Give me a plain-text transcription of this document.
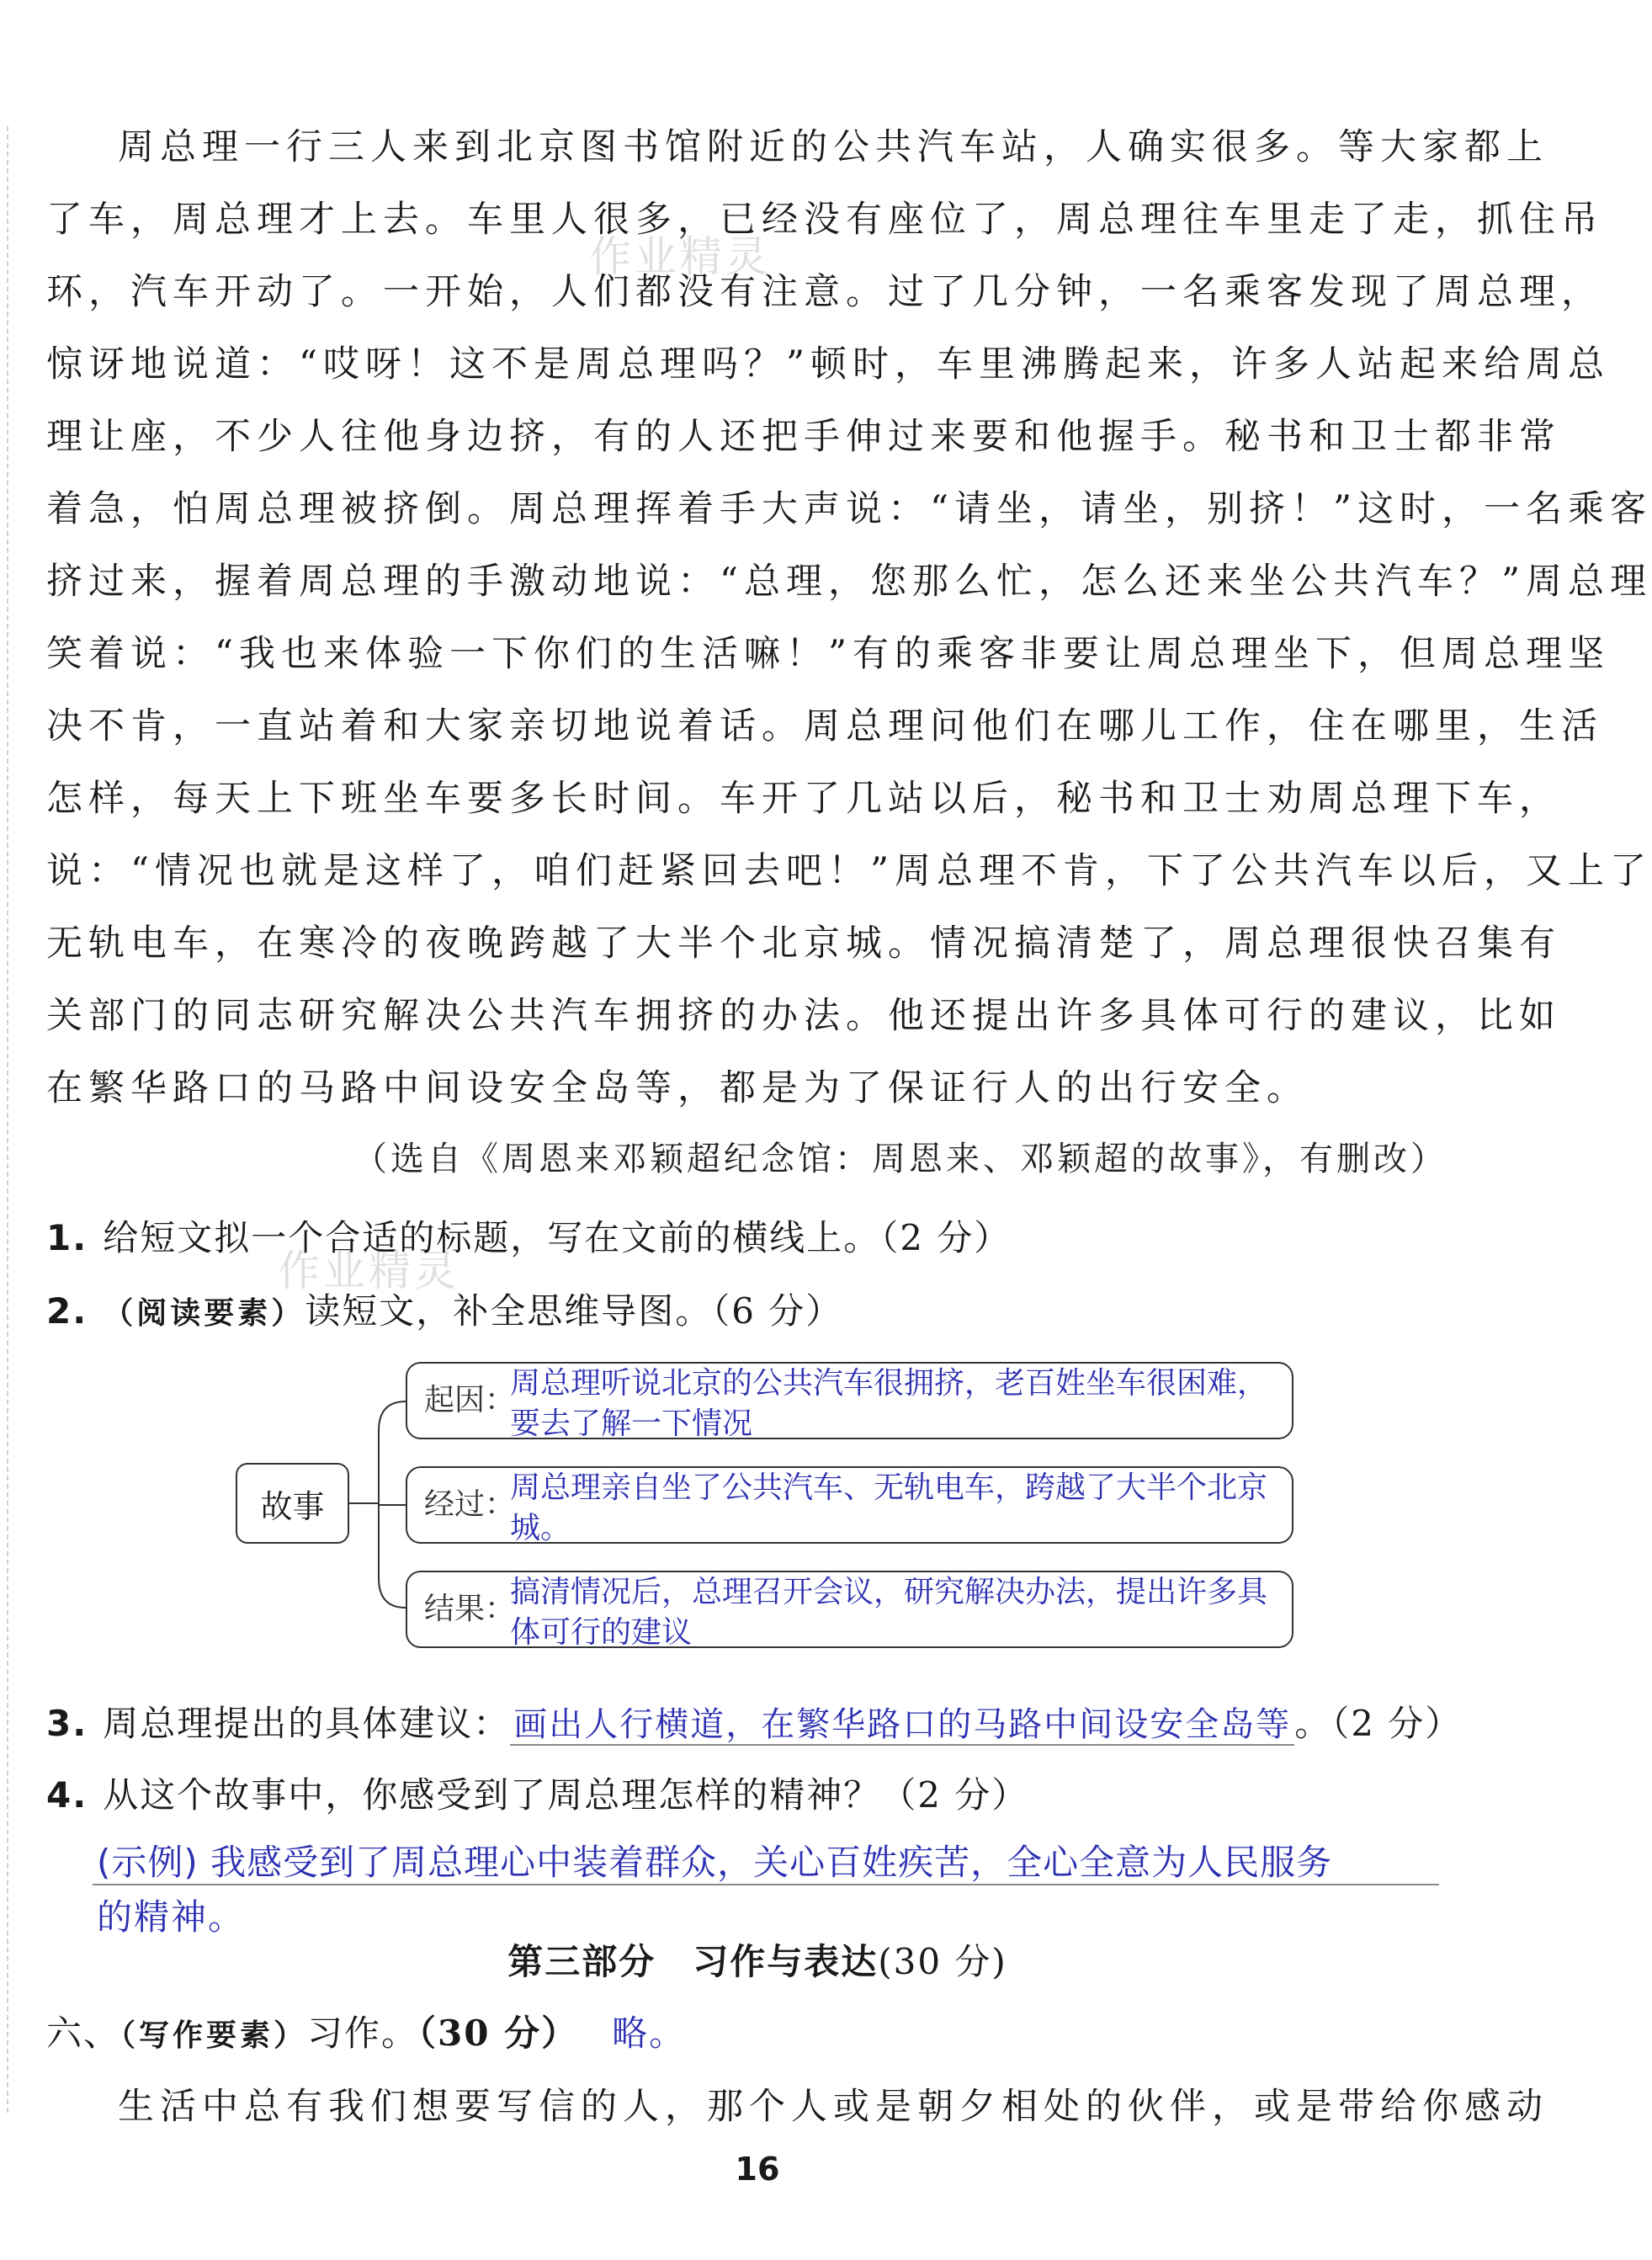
作业精灵
作业精灵
周总理一行三人来到北京图书馆附近的公共汽车站，人确实很多。等大家都上
了车，周总理才上去。车里人很多，已经没有座位了，周总理往车里走了走，抓住吊
环，汽车开动了。一开始，人们都没有注意。过了几分钟，一名乘客发现了周总理，
惊讶地说道：“哎呀！这不是周总理吗？”顿时，车里沸腾起来，许多人站起来给周总
理让座，不少人往他身边挤，有的人还把手伸过来要和他握手。秘书和卫士都非常
着急，怕周总理被挤倒。周总理挥着手大声说：“请坐，请坐，别挤！”这时，一名乘客
挤过来，握着周总理的手激动地说：“总理，您那么忙，怎么还来坐公共汽车？”周总理
笑着说：“我也来体验一下你们的生活嘛！”有的乘客非要让周总理坐下，但周总理坚
决不肯，一直站着和大家亲切地说着话。周总理问他们在哪儿工作，住在哪里，生活
怎样，每天上下班坐车要多长时间。车开了几站以后，秘书和卫士劝周总理下车，
说：“情况也就是这样了，咱们赶紧回去吧！”周总理不肯，下了公共汽车以后，又上了
无轨电车，在寒冷的夜晚跨越了大半个北京城。情况搞清楚了，周总理很快召集有
关部门的同志研究解决公共汽车拥挤的办法。他还提出许多具体可行的建议，比如
在繁华路口的马路中间设安全岛等，都是为了保证行人的出行安全。
（选自《周恩来邓颖超纪念馆：周恩来、邓颖超的故事》，有删改）
1. 给短文拟一个合适的标题，写在文前的横线上。（2 分）
2. （阅读要素）读短文，补全思维导图。（6 分）
故事
起因：
周总理听说北京的公共汽车很拥挤，老百姓坐车很困难，要去了解一下情况
经过：
周总理亲自坐了公共汽车、无轨电车，跨越了大半个北京城。
结果：
搞清情况后，总理召开会议，研究解决办法，提出许多具体可行的建议
3. 周总理提出的具体建议： 画出人行横道，在繁华路口的马路中间设安全岛等。（2 分）
4. 从这个故事中，你感受到了周总理怎样的精神？（2 分）
(示例) 我感受到了周总理心中装着群众，关心百姓疾苦，全心全意为人民服务
的精神。
第三部分　习作与表达(30 分)
六、（写作要素）习作。（30 分） 略。
生活中总有我们想要写信的人，那个人或是朝夕相处的伙伴，或是带给你感动
16
